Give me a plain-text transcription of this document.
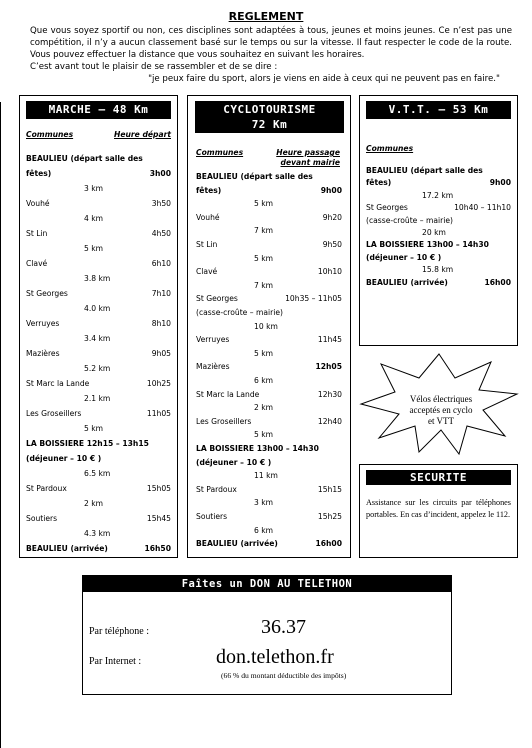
REGLEMENT

Que vous soyez sportif ou non, ces disciplines sont adaptées à tous, jeunes et moins jeunes. Ce n’est pas une compétition, il n’y a aucun classement basé sur le temps ou sur la vitesse. Il faut respecter le code de la route. Vous pouvez effectuer la distance que vous souhaitez en suivant les horaires.

C’est avant tout le plaisir de se rassembler et de se dire :

"je peux faire du sport, alors je viens en aide à ceux qui ne peuvent pas en faire."

MARCHE – 48 Km
Communes	Heure départ
BEAULIEU (départ salle des
fêtes)	3h00
3 km
Vouhé	3h50
4 km
St Lin	4h50
5 km
Clavé	6h10
3.8 km
St Georges	7h10
4.0 km
Verruyes	8h10
3.4 km
Mazières	9h05
5.2 km
St Marc la Lande	10h25
2.1 km
Les Groseillers	11h05
5 km
LA BOISSIERE 12h15 – 13h15
(déjeuner – 10 € )
6.5 km
St Pardoux	15h05
2 km
Soutiers	15h45
4.3 km
BEAULIEU (arrivée)	16h50
CYCLOTOURISME
72 Km
Communes	Heure passage
devant mairie
BEAULIEU (départ salle des
fêtes)	9h00
5 km
Vouhé	9h20
7 km
St Lin	9h50
5 km
Clavé	10h10
7 km
St Georges	10h35 – 11h05
(casse-croûte – mairie)
10 km
Verruyes	11h45
5 km
Mazières	12h05
6 km
St Marc la Lande	12h30
2 km
Les Groseillers	12h40
5 km
LA BOISSIERE 13h00 – 14h30
(déjeuner – 10 € )
11 km
St Pardoux	15h15
3 km
Soutiers	15h25
6 km
BEAULIEU (arrivée)	16h00
V.T.T. – 53 Km
Communes
BEAULIEU (départ salle des
fêtes)	9h00
17.2 km
St Georges	10h40 – 11h10
(casse-croûte – mairie)
20 km
LA BOISSIERE 13h00 – 14h30
(déjeuner – 10 € )
15.8 km
BEAULIEU (arrivée)	16h00
Vélos électriques
acceptés en cyclo
et VTT
SECURITE
Assistance sur les circuits par téléphones portables. En cas d’incident, appelez le 112.
Faîtes un DON AU TELETHON
Par téléphone :	36.37
Par Internet :	don.telethon.fr
(66 % du montant déductible des impôts)
